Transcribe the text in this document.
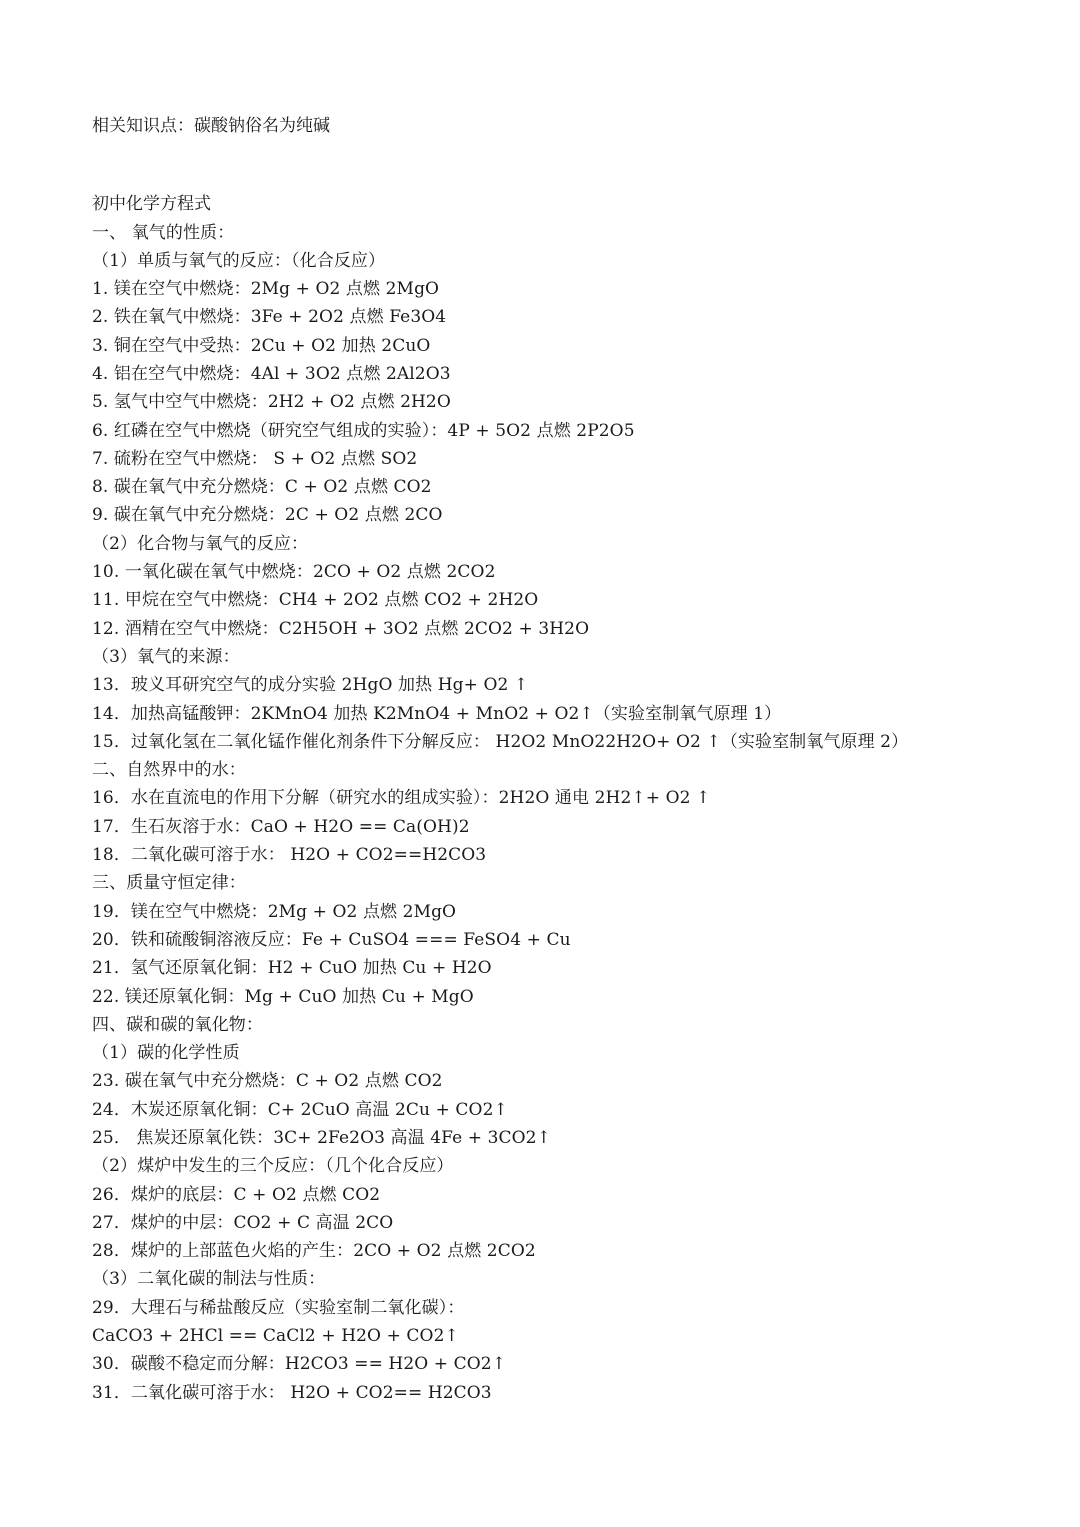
相关知识点：碳酸钠俗名为纯碱
初中化学方程式
一、 氧气的性质：
（1）单质与氧气的反应：（化合反应）
1. 镁在空气中燃烧：2Mg + O2 点燃 2MgO
2. 铁在氧气中燃烧：3Fe + 2O2 点燃 Fe3O4
3. 铜在空气中受热：2Cu + O2 加热 2CuO
4. 铝在空气中燃烧：4Al + 3O2 点燃 2Al2O3
5. 氢气中空气中燃烧：2H2 + O2 点燃 2H2O
6. 红磷在空气中燃烧（研究空气组成的实验）：4P + 5O2 点燃 2P2O5
7. 硫粉在空气中燃烧： S + O2 点燃 SO2
8. 碳在氧气中充分燃烧：C + O2 点燃 CO2
9. 碳在氧气中充分燃烧：2C + O2 点燃 2CO
（2）化合物与氧气的反应：
10. 一氧化碳在氧气中燃烧：2CO + O2 点燃 2CO2
11. 甲烷在空气中燃烧：CH4 + 2O2 点燃 CO2 + 2H2O
12. 酒精在空气中燃烧：C2H5OH + 3O2 点燃 2CO2 + 3H2O
（3）氧气的来源：
13．玻义耳研究空气的成分实验 2HgO 加热 Hg+ O2 ↑
14．加热高锰酸钾：2KMnO4 加热 K2MnO4 + MnO2 + O2↑（实验室制氧气原理 1）
15．过氧化氢在二氧化锰作催化剂条件下分解反应： H2O2 MnO22H2O+ O2 ↑（实验室制氧气原理 2）
二、自然界中的水：
16．水在直流电的作用下分解（研究水的组成实验）：2H2O 通电 2H2↑+ O2 ↑
17．生石灰溶于水：CaO + H2O == Ca(OH)2
18．二氧化碳可溶于水： H2O + CO2==H2CO3
三、质量守恒定律：
19．镁在空气中燃烧：2Mg + O2 点燃 2MgO
20．铁和硫酸铜溶液反应：Fe + CuSO4 === FeSO4 + Cu
21．氢气还原氧化铜：H2 + CuO 加热 Cu + H2O
22. 镁还原氧化铜：Mg + CuO 加热 Cu + MgO
四、碳和碳的氧化物：
（1）碳的化学性质
23. 碳在氧气中充分燃烧：C + O2 点燃 CO2
24．木炭还原氧化铜：C+ 2CuO 高温 2Cu + CO2↑
25． 焦炭还原氧化铁：3C+ 2Fe2O3 高温 4Fe + 3CO2↑
（2）煤炉中发生的三个反应：（几个化合反应）
26．煤炉的底层：C + O2 点燃 CO2
27．煤炉的中层：CO2 + C 高温 2CO
28．煤炉的上部蓝色火焰的产生：2CO + O2 点燃 2CO2
（3）二氧化碳的制法与性质：
29．大理石与稀盐酸反应（实验室制二氧化碳）：
CaCO3 + 2HCl == CaCl2 + H2O + CO2↑
30．碳酸不稳定而分解：H2CO3 == H2O + CO2↑
31．二氧化碳可溶于水： H2O + CO2== H2CO3
